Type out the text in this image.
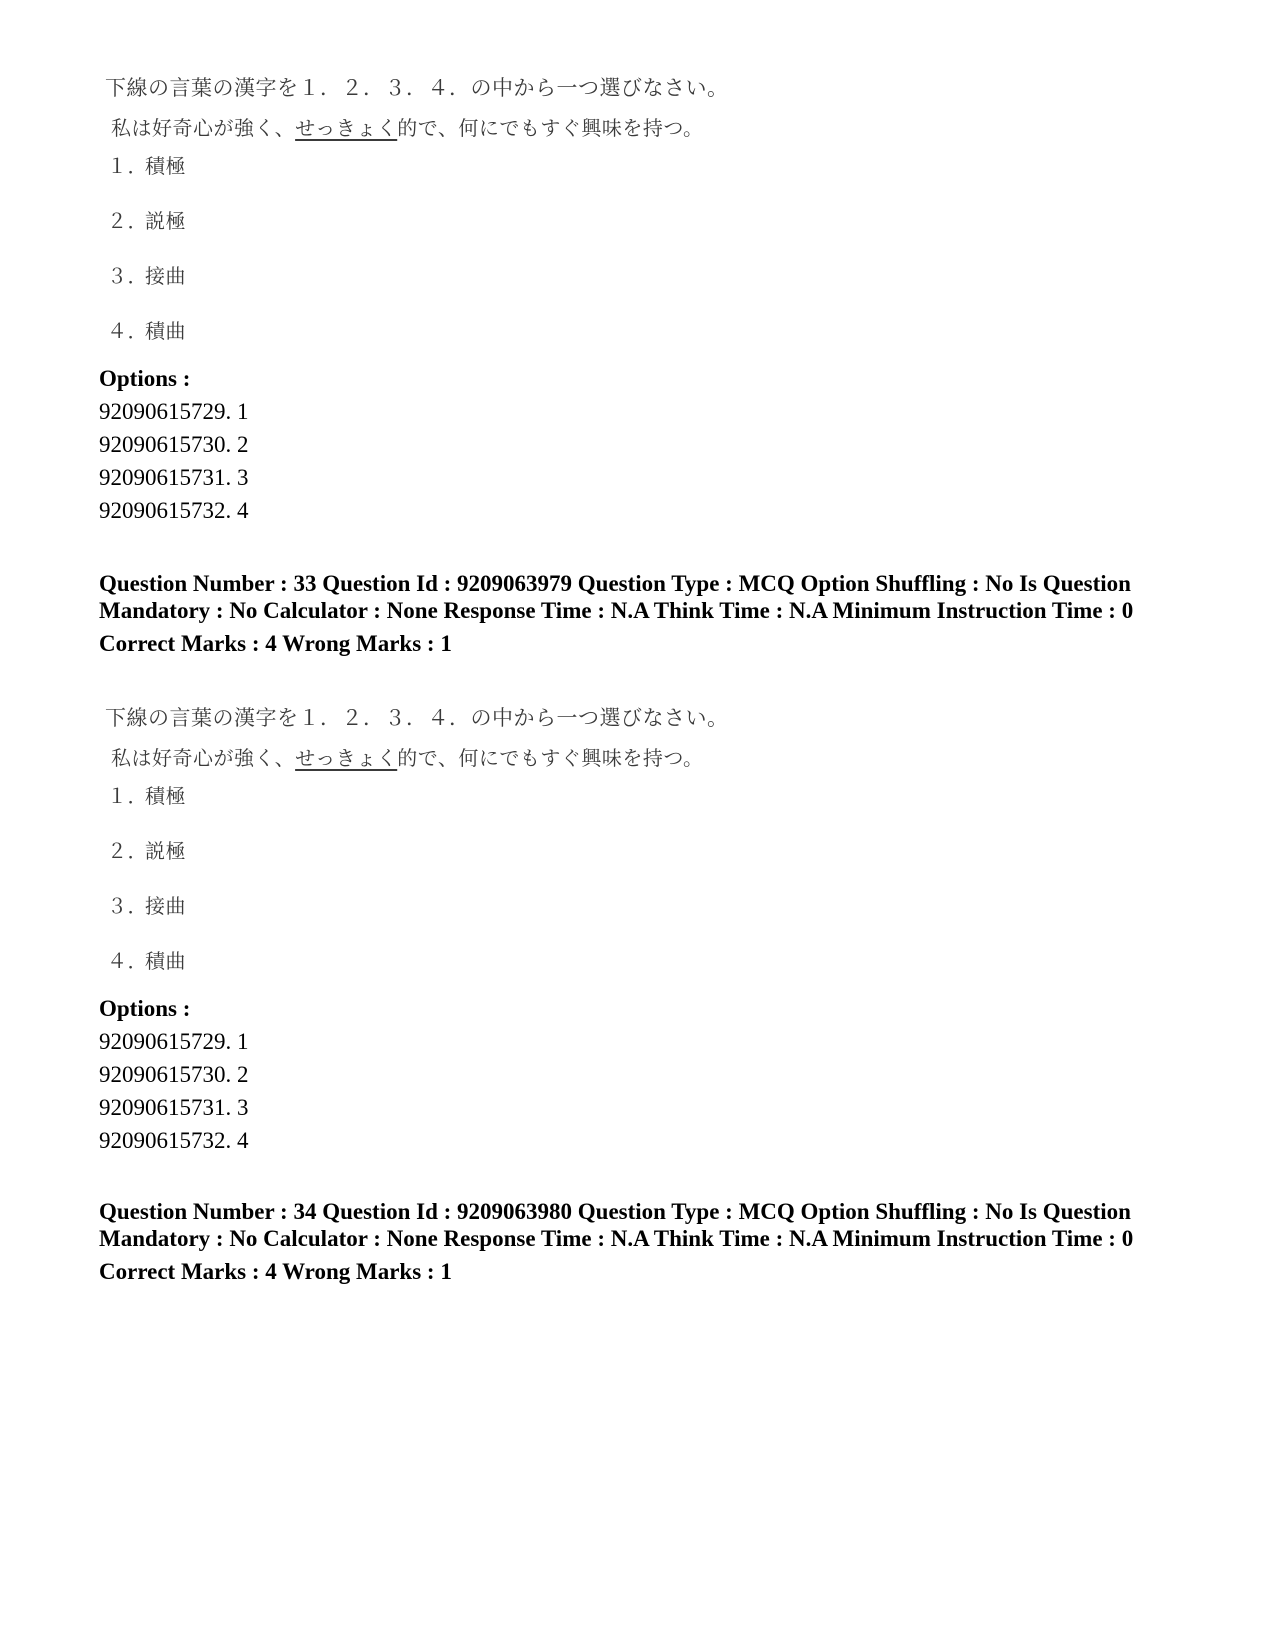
下線の言葉の漢字を１．２．３．４．の中から一つ選びなさい。
私は好奇心が強く、せっきょく的で、何にでもすぐ興味を持つ。
１．積極
２．説極
３．接曲
４．積曲
Options :
92090615729. 1
92090615730. 2
92090615731. 3
92090615732. 4
Question Number : 33 Question Id : 9209063979 Question Type : MCQ Option Shuffling : No Is Question Mandatory : No Calculator : None Response Time : N.A Think Time : N.A Minimum Instruction Time : 0
Correct Marks : 4 Wrong Marks : 1
下線の言葉の漢字を１．２．３．４．の中から一つ選びなさい。
私は好奇心が強く、せっきょく的で、何にでもすぐ興味を持つ。
１．積極
２．説極
３．接曲
４．積曲
Options :
92090615729. 1
92090615730. 2
92090615731. 3
92090615732. 4
Question Number : 34 Question Id : 9209063980 Question Type : MCQ Option Shuffling : No Is Question Mandatory : No Calculator : None Response Time : N.A Think Time : N.A Minimum Instruction Time : 0
Correct Marks : 4 Wrong Marks : 1
